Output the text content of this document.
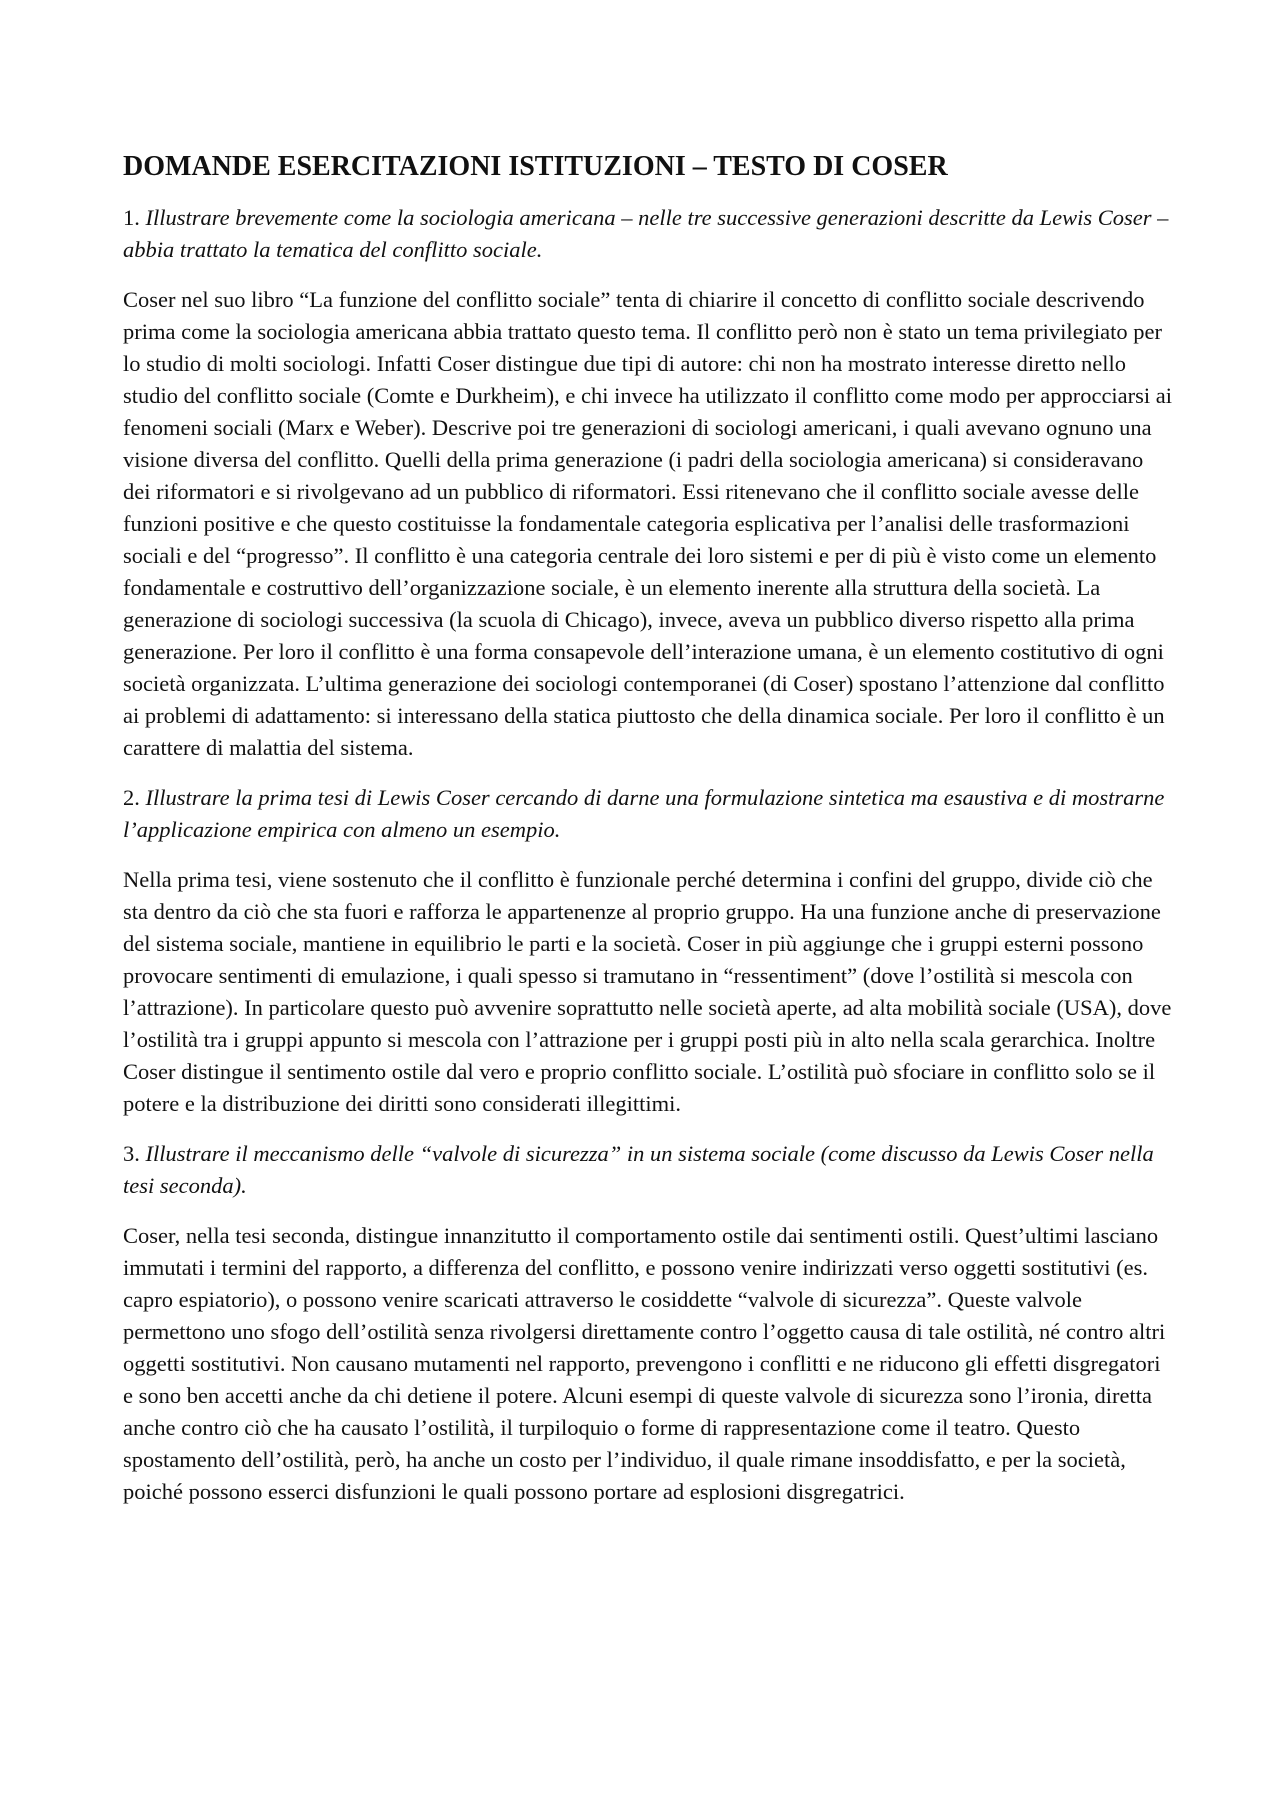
DOMANDE ESERCITAZIONI ISTITUZIONI – TESTO DI COSER

1. Illustrare brevemente come la sociologia americana – nelle tre successive generazioni descritte da Lewis Coser – abbia trattato la tematica del conflitto sociale.

Coser nel suo libro “La funzione del conflitto sociale” tenta di chiarire il concetto di conflitto sociale descrivendo prima come la sociologia americana abbia trattato questo tema. Il conflitto però non è stato un tema privilegiato per lo studio di molti sociologi. Infatti Coser distingue due tipi di autore: chi non ha mostrato interesse diretto nello studio del conflitto sociale (Comte e Durkheim), e chi invece ha utilizzato il conflitto come modo per approcciarsi ai fenomeni sociali (Marx e Weber). Descrive poi tre generazioni di sociologi americani, i quali avevano ognuno una visione diversa del conflitto. Quelli della prima generazione (i padri della sociologia americana) si consideravano dei riformatori e si rivolgevano ad un pubblico di riformatori. Essi ritenevano che il conflitto sociale avesse delle funzioni positive e che questo costituisse la fondamentale categoria esplicativa per l’analisi delle trasformazioni sociali e del “progresso”. Il conflitto è una categoria centrale dei loro sistemi e per di più è visto come un elemento fondamentale e costruttivo dell’organizzazione sociale, è un elemento inerente alla struttura della società. La generazione di sociologi successiva (la scuola di Chicago), invece, aveva un pubblico diverso rispetto alla prima generazione. Per loro il conflitto è una forma consapevole dell’interazione umana, è un elemento costitutivo di ogni società organizzata. L’ultima generazione dei sociologi contemporanei (di Coser) spostano l’attenzione dal conflitto ai problemi di adattamento: si interessano della statica piuttosto che della dinamica sociale. Per loro il conflitto è un carattere di malattia del sistema.

2. Illustrare la prima tesi di Lewis Coser cercando di darne una formulazione sintetica ma esaustiva e di mostrarne l’applicazione empirica con almeno un esempio.

Nella prima tesi, viene sostenuto che il conflitto è funzionale perché determina i confini del gruppo, divide ciò che sta dentro da ciò che sta fuori e rafforza le appartenenze al proprio gruppo. Ha una funzione anche di preservazione del sistema sociale, mantiene in equilibrio le parti e la società. Coser in più aggiunge che i gruppi esterni possono provocare sentimenti di emulazione, i quali spesso si tramutano in “ressentiment” (dove l’ostilità si mescola con l’attrazione). In particolare questo può avvenire soprattutto nelle società aperte, ad alta mobilità sociale (USA), dove l’ostilità tra i gruppi appunto si mescola con l’attrazione per i gruppi posti più in alto nella scala gerarchica. Inoltre Coser distingue il sentimento ostile dal vero e proprio conflitto sociale. L’ostilità può sfociare in conflitto solo se il potere e la distribuzione dei diritti sono considerati illegittimi.

3. Illustrare il meccanismo delle “valvole di sicurezza” in un sistema sociale (come discusso da Lewis Coser nella tesi seconda).

Coser, nella tesi seconda, distingue innanzitutto il comportamento ostile dai sentimenti ostili. Quest’ultimi lasciano immutati i termini del rapporto, a differenza del conflitto, e possono venire indirizzati verso oggetti sostitutivi (es. capro espiatorio), o possono venire scaricati attraverso le cosiddette “valvole di sicurezza”. Queste valvole permettono uno sfogo dell’ostilità senza rivolgersi direttamente contro l’oggetto causa di tale ostilità, né contro altri oggetti sostitutivi. Non causano mutamenti nel rapporto, prevengono i conflitti e ne riducono gli effetti disgregatori e sono ben accetti anche da chi detiene il potere. Alcuni esempi di queste valvole di sicurezza sono l’ironia, diretta anche contro ciò che ha causato l’ostilità, il turpiloquio o forme di rappresentazione come il teatro. Questo spostamento dell’ostilità, però, ha anche un costo per l’individuo, il quale rimane insoddisfatto, e per la società, poiché possono esserci disfunzioni le quali possono portare ad esplosioni disgregatrici.
